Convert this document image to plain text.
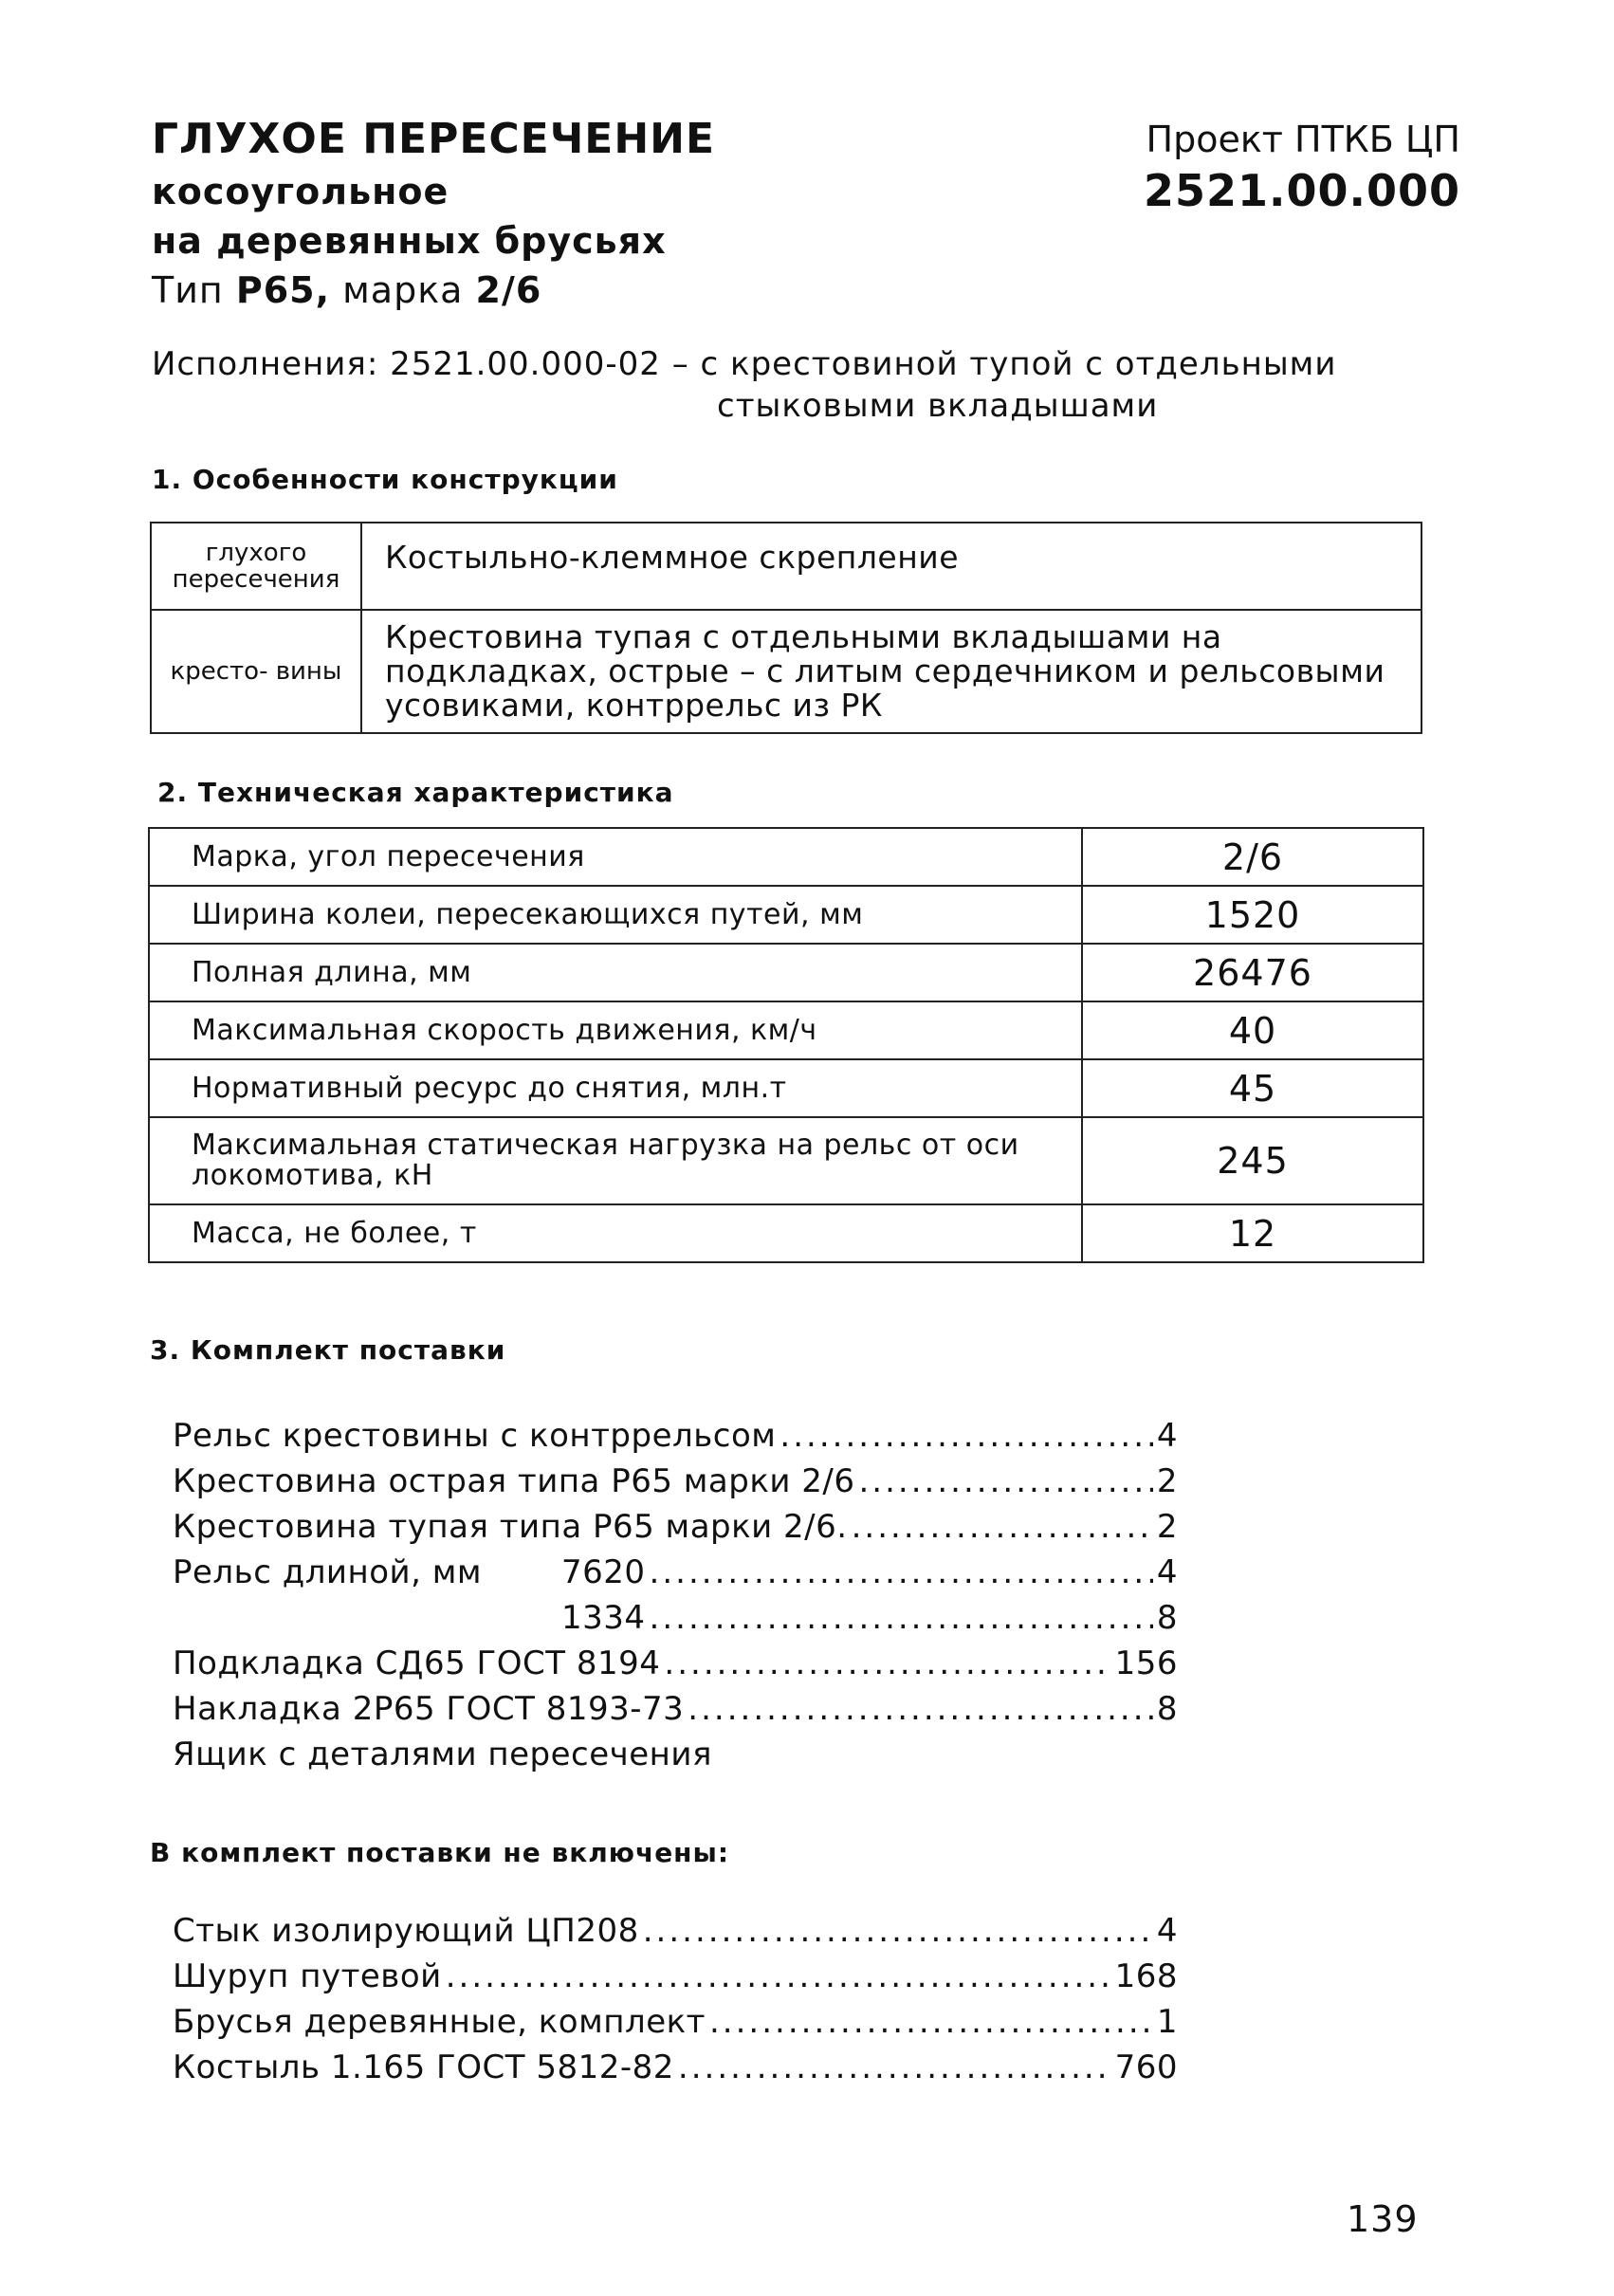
ГЛУХОЕ ПЕРЕСЕЧЕНИЕ
косоугольное
на деревянных брусьях
Тип Р65, марка 2/6
Проект ПТКБ ЦП
2521.00.000
Исполнения: 2521.00.000-02 – с крестовиной тупой с отдельными
стыковыми вкладышами
1. Особенности конструкции
глухого пересечения	Костыльно-клеммное скрепление
кресто- вины	Крестовина тупая с отдельными вкладышами на подкладках, острые – с литым сердечником и рельсовыми усовиками, контррельс из РК
2. Техническая характеристика
Марка, угол пересечения	2/6
Ширина колеи, пересекающихся путей, мм	1520
Полная длина, мм	26476
Максимальная скорость движения, км/ч	40
Нормативный ресурс до снятия, млн.т	45
Максимальная статическая нагрузка на рельс от оси локомотива, кН	245
Масса, не более, т	12
3. Комплект поставки
Рельс крестовины с контррельсом .....	4
Крестовина острая типа Р65 марки 2/6 .....	2
Крестовина тупая типа Р65 марки 2/6. .....	2
Рельс длиной, мм	7620 .....	4
1334 .....	8
Подкладка СД65 ГОСТ 8194 .....	156
Накладка 2Р65 ГОСТ 8193-73 .....	8
Ящик с деталями пересечения
В комплект поставки не включены:
Стык изолирующий ЦП208 .....	4
Шуруп путевой .....	168
Брусья деревянные, комплект .....	1
Костыль 1.165 ГОСТ 5812-82 .....	760
139
